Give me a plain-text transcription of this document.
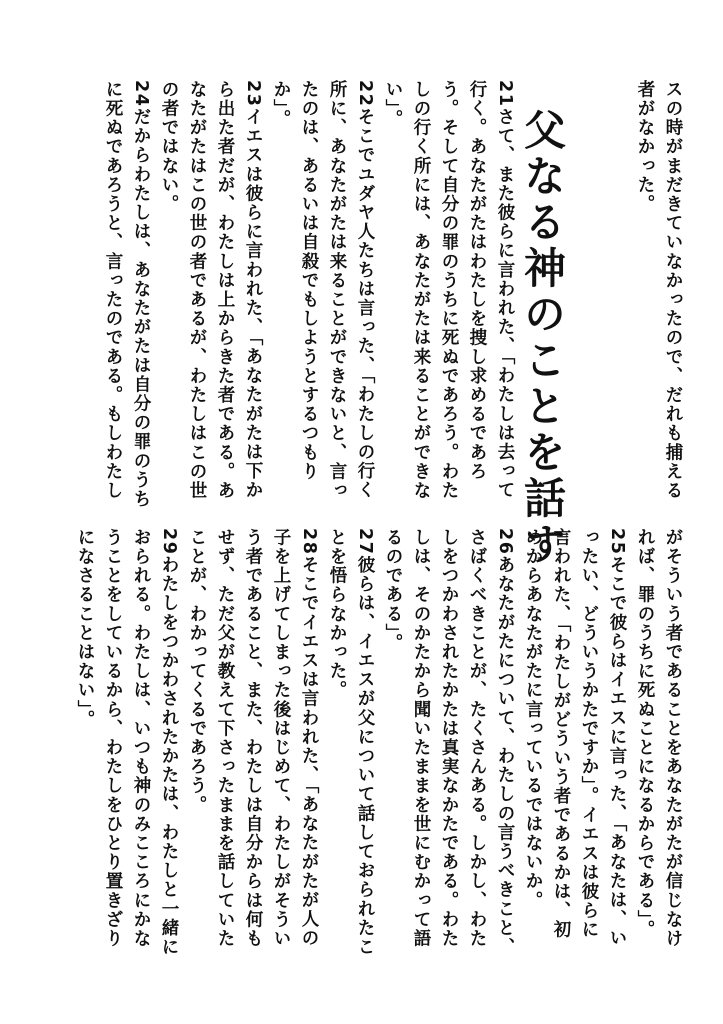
スの時がまだきていなかったので、だれも捕える
者がなかった。

21さて、また彼らに言われた、「わたしは去って
行く。あなたがたはわたしを捜し求めるであろ
う。そして自分の罪のうちに死ぬであろう。わた
しの行く所には、あなたがたは来ることができな
い」。
22そこでユダヤ人たちは言った、「わたしの行く
所に、あなたがたは来ることができないと、言っ
たのは、あるいは自殺でもしようとするつもり
か」。
23イエスは彼らに言われた、「あなたがたは下か
ら出た者だが、わたしは上からきた者である。あ
なたがたはこの世の者であるが、わたしはこの世
の者ではない。
24だからわたしは、あなたがたは自分の罪のうち
に死ぬであろうと、言ったのである。もしわたし	父なる神のことを話す
がそういう者であることをあなたがたが信じなけ
れば、罪のうちに死ぬことになるからである」。
25そこで彼らはイエスに言った、「あなたは、い
ったい、どういうかたですか」。イエスは彼らに
言われた、「わたしがどういう者であるかは、初
めからあなたがたに言っているではないか。
26あなたがたについて、わたしの言うべきこと、
さばくべきことが、たくさんある。しかし、わた
しをつかわされたかたは真実なかたである。わた
しは、そのかたから聞いたままを世にむかって語
るのである」。
27彼らは、イエスが父について話しておられたこ
とを悟らなかった。
28そこでイエスは言われた、「あなたがたが人の
子を上げてしまった後はじめて、わたしがそうい
う者であること、また、わたしは自分からは何も
せず、ただ父が教えて下さったままを話していた
ことが、わかってくるであろう。
29わたしをつかわされたかたは、わたしと一緒に
おられる。わたしは、いつも神のみこころにかな
うことをしているから、わたしをひとり置きざり
になさることはない」。
